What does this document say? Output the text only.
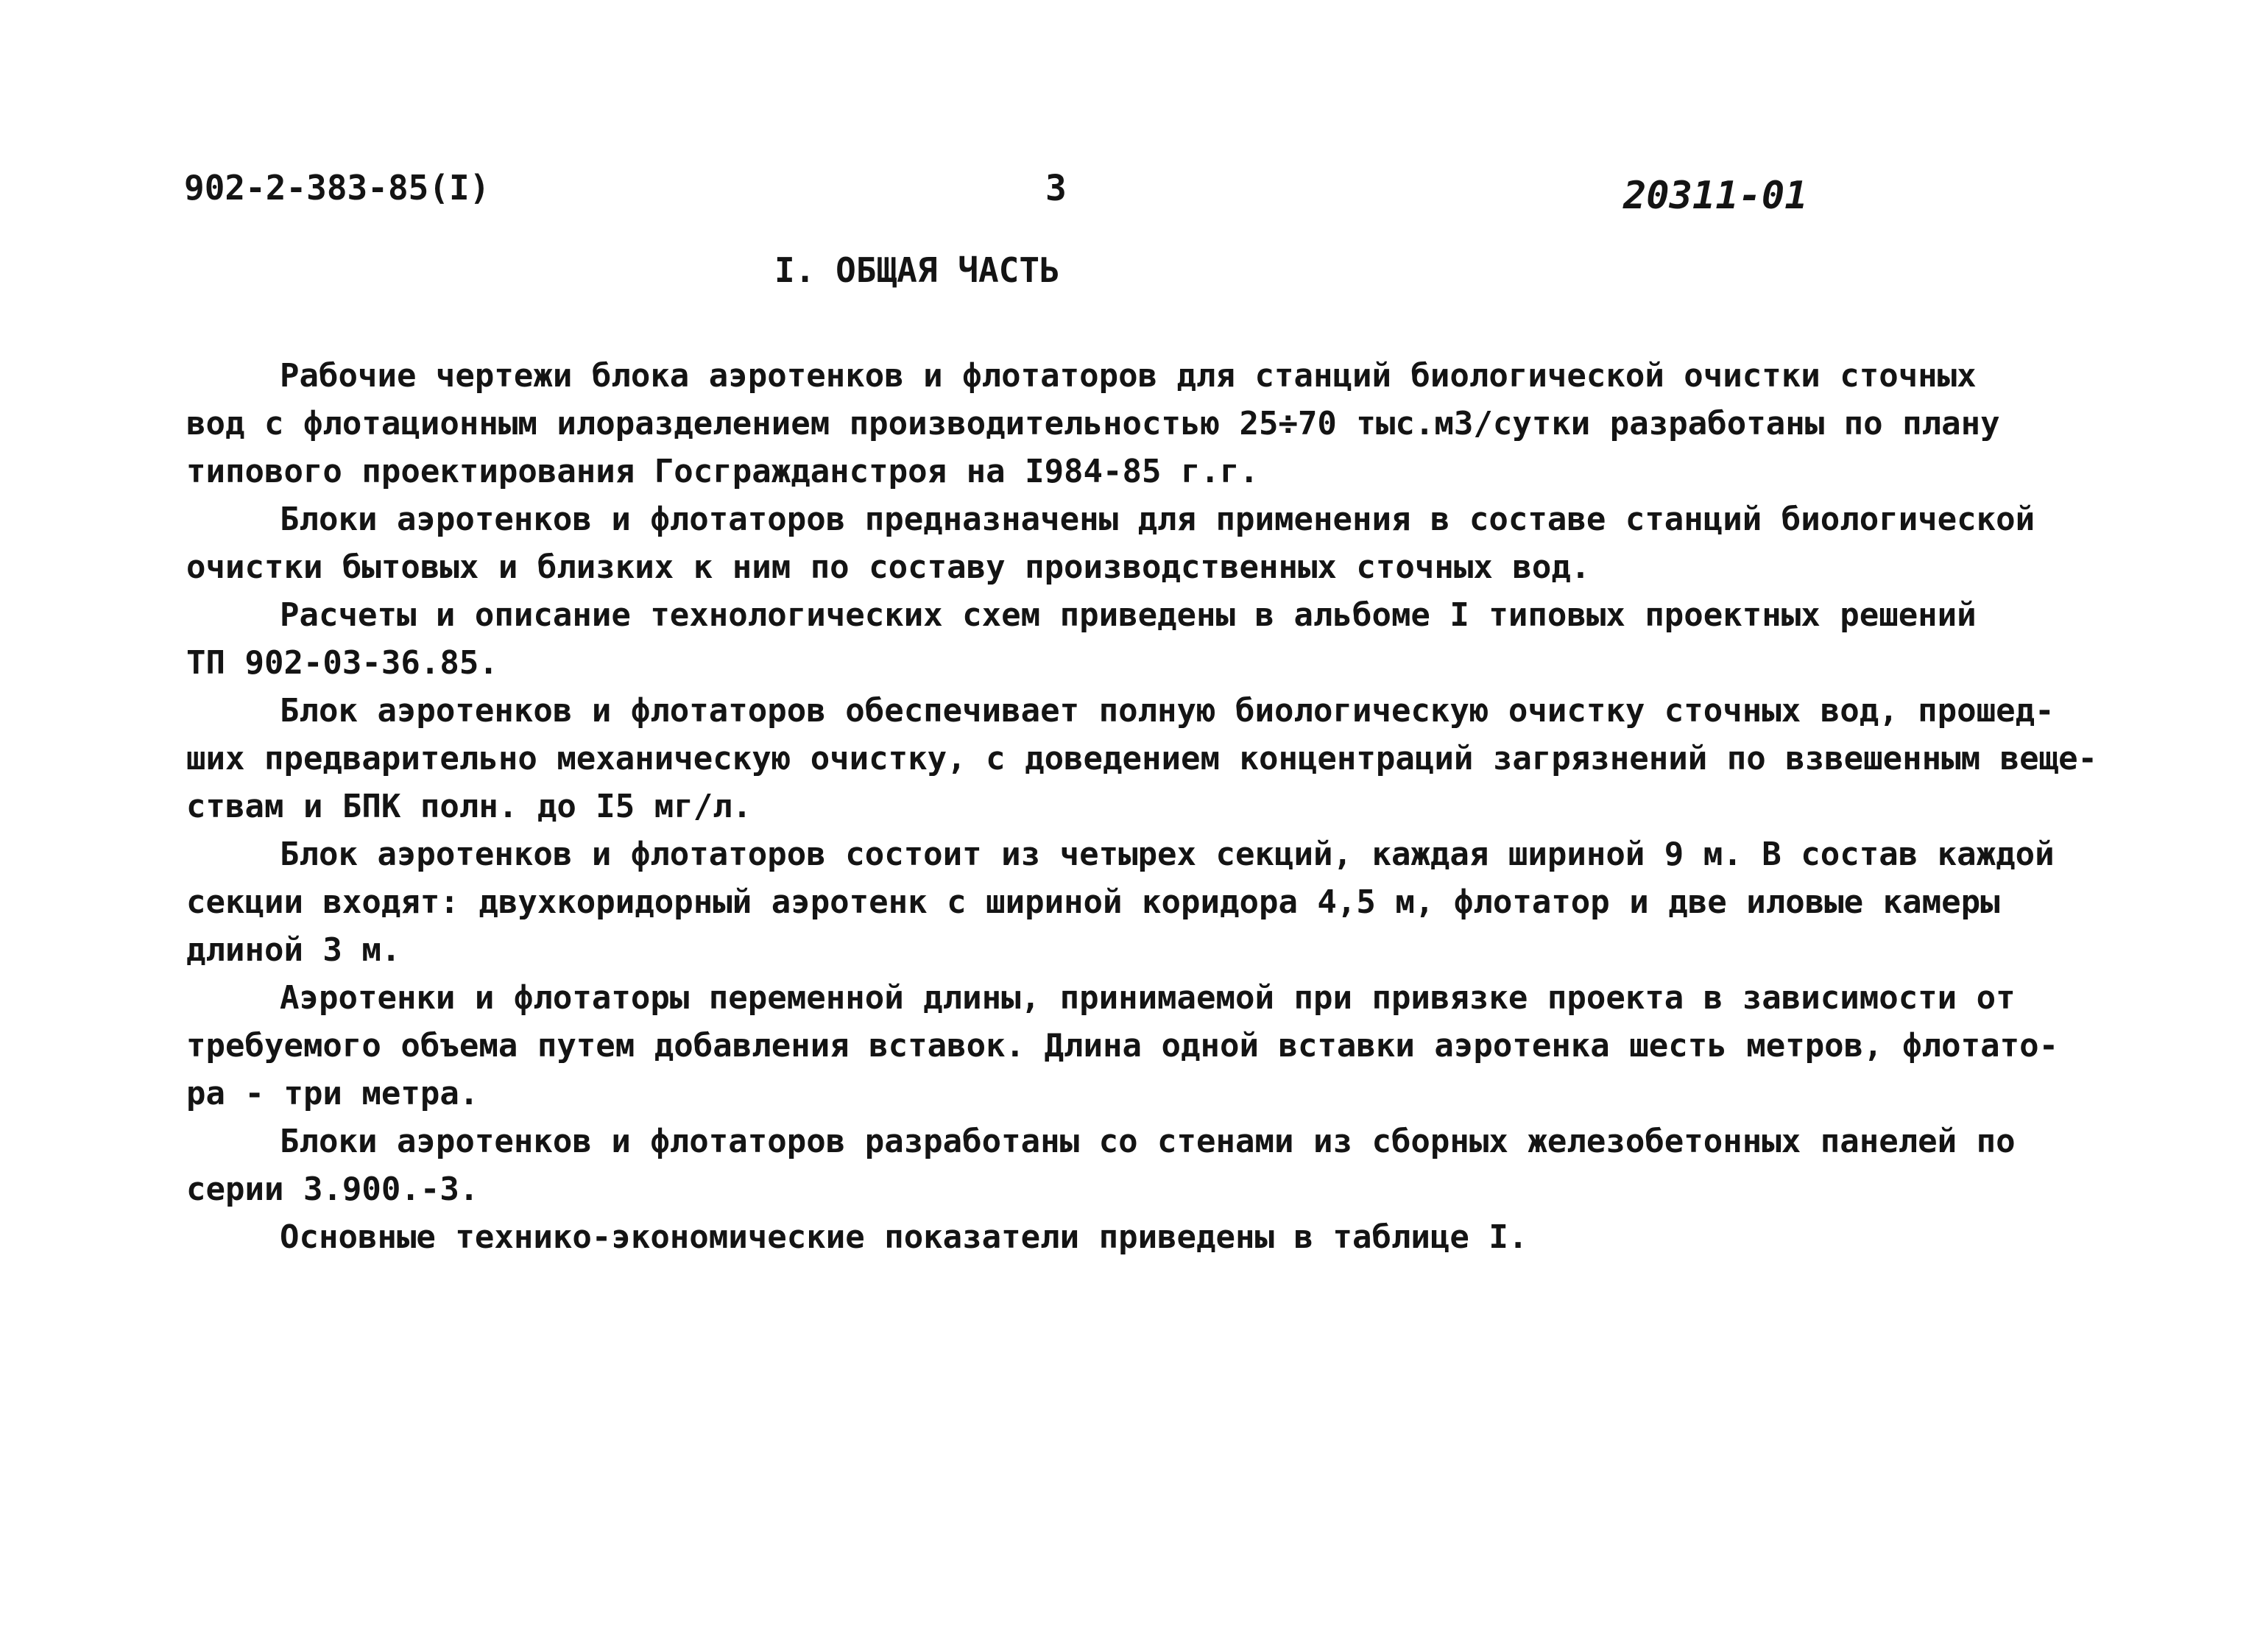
902-2-383-85(I)	3	20311-01
I. ОБЩАЯ ЧАСТЬ
Рабочие чертежи блока аэротенков и флотаторов для станций биологической очистки сточных
вод с флотационным илоразделением производительностью 25÷70 тыс.м3/сутки разработаны по плану
типового проектирования Госгражданстроя на I984-85 г.г.
Блоки аэротенков и флотаторов предназначены для применения в составе станций биологической
очистки бытовых и близких к ним по составу производственных сточных вод.
Расчеты и описание технологических схем приведены в альбоме I типовых проектных решений
ТП 902-03-36.85.
Блок аэротенков и флотаторов обеспечивает полную биологическую очистку сточных вод, прошед-
ших предварительно механическую очистку, с доведением концентраций загрязнений по взвешенным веще-
ствам и БПК полн. до I5 мг/л.
Блок аэротенков и флотаторов состоит из четырех секций, каждая шириной 9 м. В состав каждой
секции входят: двухкоридорный аэротенк с шириной коридора 4,5 м, флотатор и две иловые камеры
длиной 3 м.
Аэротенки и флотаторы переменной длины, принимаемой при привязке проекта в зависимости от
требуемого объема путем добавления вставок. Длина одной вставки аэротенка шесть метров, флотато-
ра - три метра.
Блоки аэротенков и флотаторов разработаны со стенами из сборных железобетонных панелей по
серии 3.900.-3.
Основные технико-экономические показатели приведены в таблице I.
